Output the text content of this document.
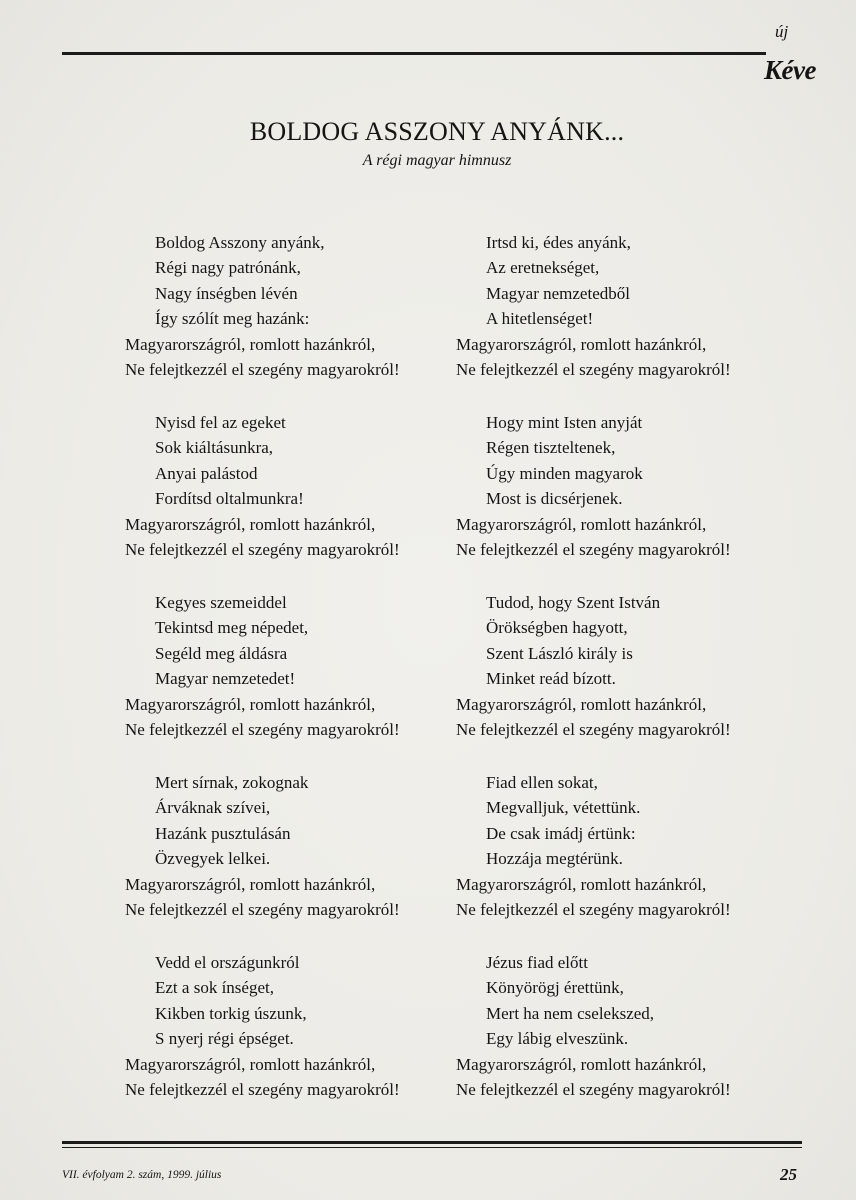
új
Kéve
BOLDOG ASSZONY ANYÁNK...
A régi magyar himnusz
Boldog Asszony anyánk,
Régi nagy patrónánk,
Nagy ínségben lévén
Így szólít meg hazánk:
Magyarországról, romlott hazánkról,
Ne felejtkezzél el szegény magyarokról!
Nyisd fel az egeket
Sok kiáltásunkra,
Anyai palástod
Fordítsd oltalmunkra!
Magyarországról, romlott hazánkról,
Ne felejtkezzél el szegény magyarokról!
Kegyes szemeiddel
Tekintsd meg népedet,
Segéld meg áldásra
Magyar nemzetedet!
Magyarországról, romlott hazánkról,
Ne felejtkezzél el szegény magyarokról!
Mert sírnak, zokognak
Árváknak szívei,
Hazánk pusztulásán
Özvegyek lelkei.
Magyarországról, romlott hazánkról,
Ne felejtkezzél el szegény magyarokról!
Vedd el országunkról
Ezt a sok ínséget,
Kikben torkig úszunk,
S nyerj régi épséget.
Magyarországról, romlott hazánkról,
Ne felejtkezzél el szegény magyarokról!
Irtsd ki, édes anyánk,
Az eretnekséget,
Magyar nemzetedből
A hitetlenséget!
Magyarországról, romlott hazánkról,
Ne felejtkezzél el szegény magyarokról!
Hogy mint Isten anyját
Régen tiszteltenek,
Úgy minden magyarok
Most is dicsérjenek.
Magyarországról, romlott hazánkról,
Ne felejtkezzél el szegény magyarokról!
Tudod, hogy Szent István
Örökségben hagyott,
Szent László király is
Minket reád bízott.
Magyarországról, romlott hazánkról,
Ne felejtkezzél el szegény magyarokról!
Fiad ellen sokat,
Megvalljuk, vétettünk.
De csak imádj értünk:
Hozzája megtérünk.
Magyarországról, romlott hazánkról,
Ne felejtkezzél el szegény magyarokról!
Jézus fiad előtt
Könyörögj érettünk,
Mert ha nem cselekszed,
Egy lábig elveszünk.
Magyarországról, romlott hazánkról,
Ne felejtkezzél el szegény magyarokról!
VII. évfolyam 2. szám, 1999. július	25
